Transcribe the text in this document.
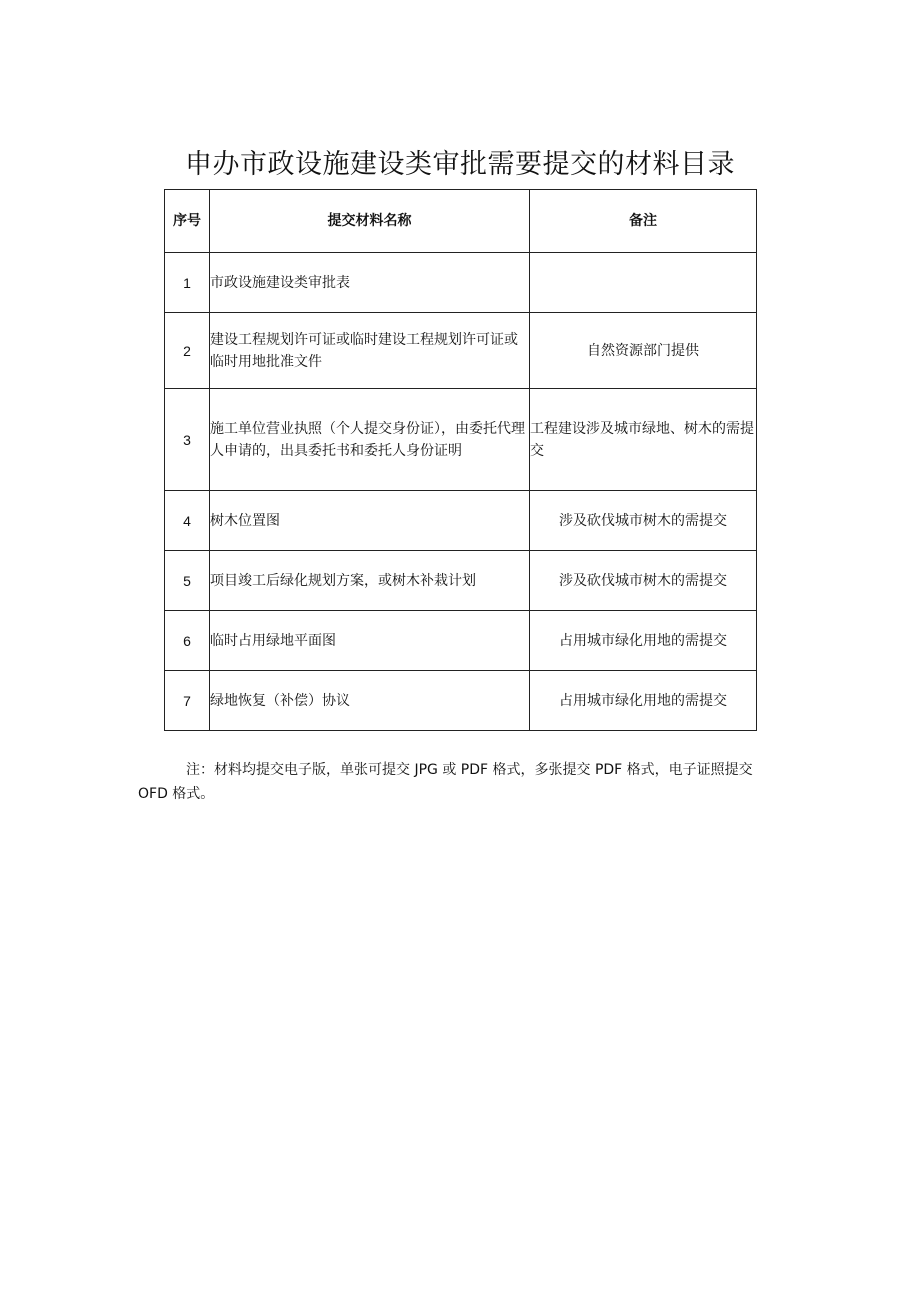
申办市政设施建设类审批需要提交的材料目录
序号	提交材料名称	备注
1	市政设施建设类审批表	
2	建设工程规划许可证或临时建设工程规划许可证或临时用地批准文件	自然资源部门提供
3	施工单位营业执照（个人提交身份证），由委托代理人申请的，出具委托书和委托人身份证明	工程建设涉及城市绿地、树木的需提交
4	树木位置图	涉及砍伐城市树木的需提交
5	项目竣工后绿化规划方案，或树木补栽计划	涉及砍伐城市树木的需提交
6	临时占用绿地平面图	占用城市绿化用地的需提交
7	绿地恢复（补偿）协议	占用城市绿化用地的需提交

注：材料均提交电子版，单张可提交 JPG 或 PDF 格式，多张提交 PDF 格式，电子证照提交 OFD 格式。
